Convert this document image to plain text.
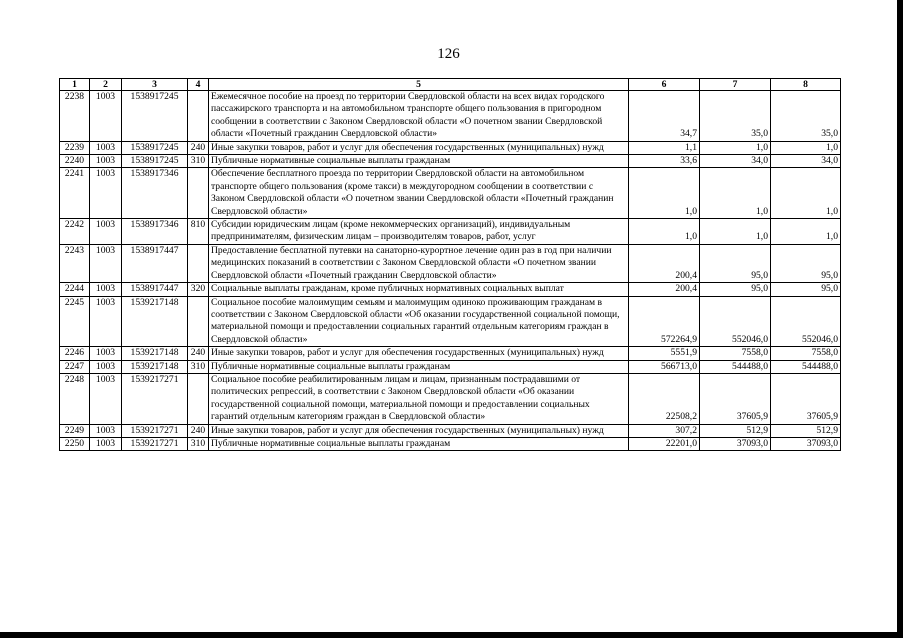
126
1	2	3	4	5	6	7	8
2238	1003	1538917245		Ежемесячное пособие на проезд по территории Свердловской области на всех видах городского пассажирского транспорта и на автомобильном транспорте общего пользования в пригородном сообщении в соответствии с Законом Свердловской области «О почетном звании Свердловской области «Почетный гражданин Свердловской области»	34,7	35,0	35,0
2239	1003	1538917245	240	Иные закупки товаров, работ и услуг для обеспечения государственных (муниципальных) нужд	1,1	1,0	1,0
2240	1003	1538917245	310	Публичные нормативные социальные выплаты гражданам	33,6	34,0	34,0
2241	1003	1538917346		Обеспечение бесплатного проезда по территории Свердловской области на автомобильном транспорте общего пользования (кроме такси) в междугородном сообщении в соответствии с Законом Свердловской области «О почетном звании Свердловской области «Почетный гражданин Свердловской области»	1,0	1,0	1,0
2242	1003	1538917346	810	Субсидии юридическим лицам (кроме некоммерческих организаций), индивидуальным предпринимателям, физическим лицам – производителям товаров, работ, услуг	1,0	1,0	1,0
2243	1003	1538917447		Предоставление бесплатной путевки на санаторно-курортное лечение один раз в год при наличии медицинских показаний в соответствии с Законом Свердловской области «О почетном звании Свердловской области «Почетный гражданин Свердловской области»	200,4	95,0	95,0
2244	1003	1538917447	320	Социальные выплаты гражданам, кроме публичных нормативных социальных выплат	200,4	95,0	95,0
2245	1003	1539217148		Социальное пособие малоимущим семьям и малоимущим одиноко проживающим гражданам в соответствии с Законом Свердловской области «Об оказании государственной социальной помощи, материальной помощи и предоставлении социальных гарантий отдельным категориям граждан в Свердловской области»	572264,9	552046,0	552046,0
2246	1003	1539217148	240	Иные закупки товаров, работ и услуг для обеспечения государственных (муниципальных) нужд	5551,9	7558,0	7558,0
2247	1003	1539217148	310	Публичные нормативные социальные выплаты гражданам	566713,0	544488,0	544488,0
2248	1003	1539217271		Социальное пособие реабилитированным лицам и лицам, признанным пострадавшими от политических репрессий, в соответствии с Законом Свердловской области «Об оказании государственной социальной помощи, материальной помощи и предоставлении социальных гарантий отдельным категориям граждан в Свердловской области»	22508,2	37605,9	37605,9
2249	1003	1539217271	240	Иные закупки товаров, работ и услуг для обеспечения государственных (муниципальных) нужд	307,2	512,9	512,9
2250	1003	1539217271	310	Публичные нормативные социальные выплаты гражданам	22201,0	37093,0	37093,0
